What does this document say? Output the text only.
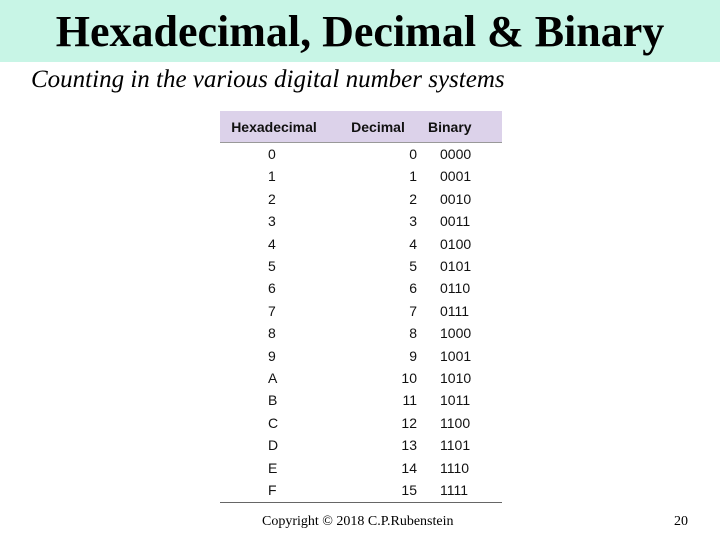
Hexadecimal, Decimal & Binary
Counting in the various digital number systems
Hexadecimal	Decimal	Binary
0	0	0000
1	1	0001
2	2	0010
3	3	0011
4	4	0100
5	5	0101
6	6	0110
7	7	0111
8	8	1000
9	9	1001
A	10	1010
B	11	1011
C	12	1100
D	13	1101
E	14	1110
F	15	1111
Copyright © 2018 C.P.Rubenstein	20
